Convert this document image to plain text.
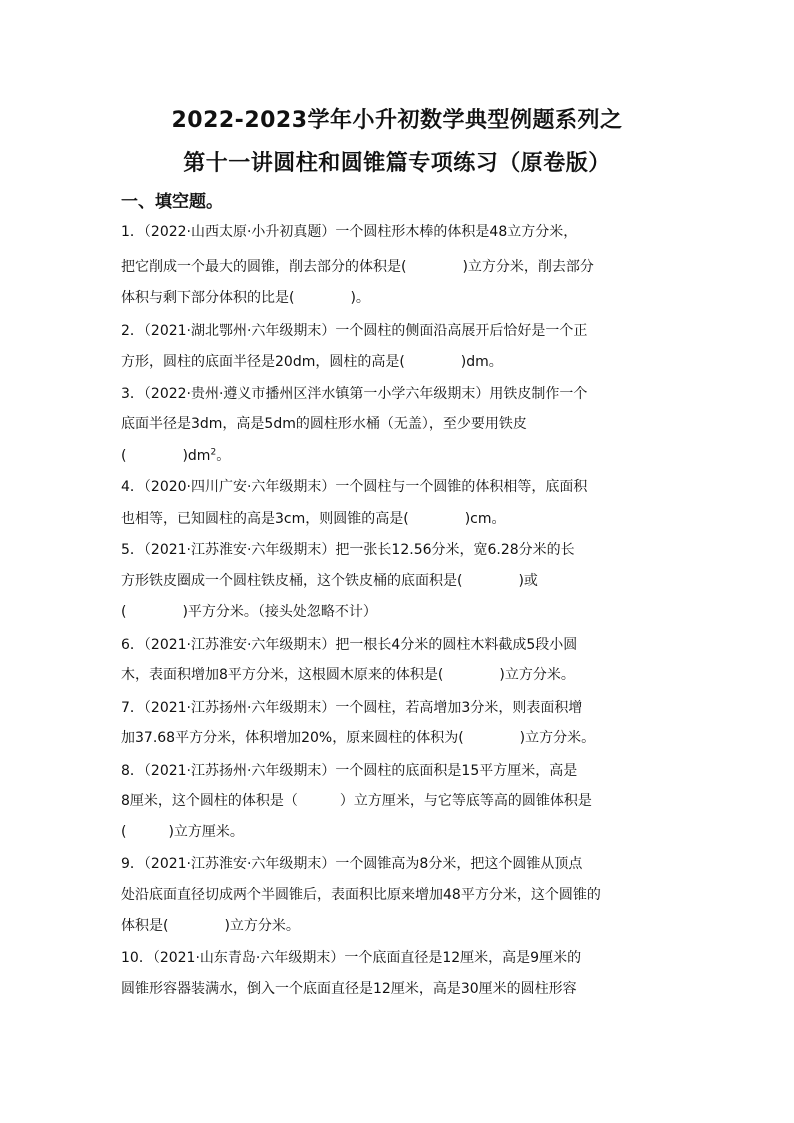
2022-2023学年小升初数学典型例题系列之
第十一讲圆柱和圆锥篇专项练习（原卷版）
一、填空题。
1．（2022·山西太原·小升初真题）一个圆柱形木棒的体积是48立方分米，
把它削成一个最大的圆锥，削去部分的体积是(　　　　)立方分米，削去部分
体积与剩下部分体积的比是(　　　　)。
2．（2021·湖北鄂州·六年级期末）一个圆柱的侧面沿高展开后恰好是一个正
方形，圆柱的底面半径是20dm，圆柱的高是(　　　　)dm。
3．（2022·贵州·遵义市播州区泮水镇第一小学六年级期末）用铁皮制作一个
底面半径是3dm，高是5dm的圆柱形水桶（无盖），至少要用铁皮
(　　　　)$dm^2$。
4．（2020·四川广安·六年级期末）一个圆柱与一个圆锥的体积相等，底面积
也相等，已知圆柱的高是3cm，则圆锥的高是(　　　　)cm。
5．（2021·江苏淮安·六年级期末）把一张长12.56分米，宽6.28分米的长
方形铁皮圈成一个圆柱铁皮桶，这个铁皮桶的底面积是(　　　　)或
(　　　　)平方分米。（接头处忽略不计）
6．（2021·江苏淮安·六年级期末）把一根长4分米的圆柱木料截成5段小圆
木，表面积增加8平方分米，这根圆木原来的体积是(　　　　)立方分米。
7．（2021·江苏扬州·六年级期末）一个圆柱，若高增加3分米，则表面积增
加37.68平方分米，体积增加20%，原来圆柱的体积为(　　　　)立方分米。
8．（2021·江苏扬州·六年级期末）一个圆柱的底面积是15平方厘米，高是
8厘米，这个圆柱的体积是（　　　）立方厘米，与它等底等高的圆锥体积是
(　　　)立方厘米。
9．（2021·江苏淮安·六年级期末）一个圆锥高为8分米，把这个圆锥从顶点
处沿底面直径切成两个半圆锥后，表面积比原来增加48平方分米，这个圆锥的
体积是(　　　　)立方分米。
10．（2021·山东青岛·六年级期末）一个底面直径是12厘米，高是9厘米的
圆锥形容器装满水，倒入一个底面直径是12厘米，高是30厘米的圆柱形容
